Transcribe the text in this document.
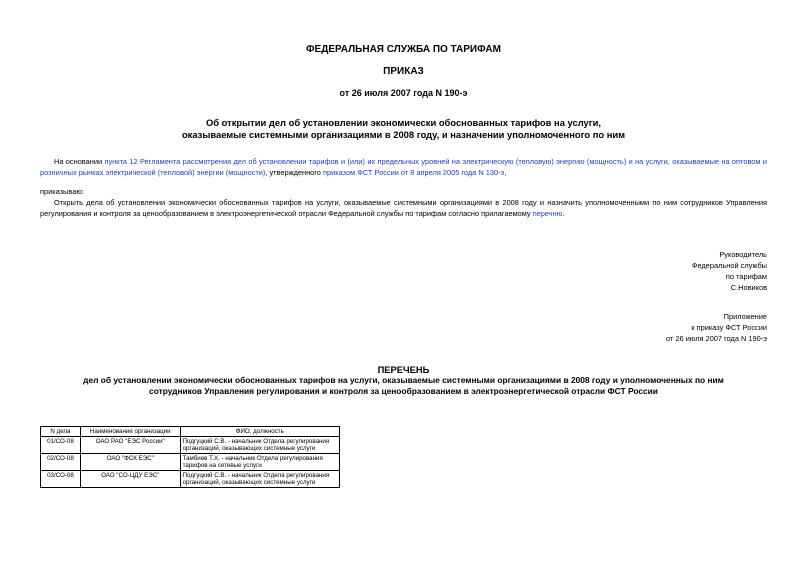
ФЕДЕРАЛЬНАЯ СЛУЖБА ПО ТАРИФАМ
ПРИКАЗ
от 26 июля 2007 года N 190-э
Об открытии дел об установлении экономически обоснованных тарифов на услуги,
оказываемые системными организациями в 2008 году, и назначении уполномоченного по ним
На основании пункта 12 Регламента рассмотрения дел об установлении тарифов и (или) их предельных уровней на электрическую (тепловую) энергию (мощность) и на услуги, оказываемые на оптовом и розничных рынках электрической (тепловой) энергии (мощности), утвержденного приказом ФСТ России от 8 апреля 2005 года N 130-э,
приказываю:
Открыть дела об установлении экономически обоснованных тарифов на услуги, оказываемые системными организациями в 2008 году и назначить уполномоченными по ним сотрудников Управления регулирования и контроля за ценообразованием в электроэнергетической отрасли Федеральной службы по тарифам согласно прилагаемому перечню.
Руководитель
Федеральной службы
по тарифам
С.Новиков
Приложение
к приказу ФСТ России
от 26 июля 2007 года N 190-э
ПЕРЕЧЕНЬ
дел об установлении экономически обоснованных тарифов на услуги, оказываемые системными организациями в 2008 году и уполномоченных по ним
сотрудников Управления регулирования и контроля за ценообразованием в электроэнергетической отрасли ФСТ России
N дела	Наименование организации	ФИО, должность
01/СО-08	ОАО РАО "ЕЭС России"	Подгуцкий С.В. - начальник Отдела регулирования организаций, оказывающих системные услуги
02/СО-08	ОАО "ФСК ЕЭС"	Тамбиев Т.Х. - начальник Отдела регулирования тарифов на сетевые услуги
03/СО-08	ОАО "СО-ЦДУ ЕЭС"	Подгуцкий С.В. - начальник Отдела регулирования организаций, оказывающих системные услуги
